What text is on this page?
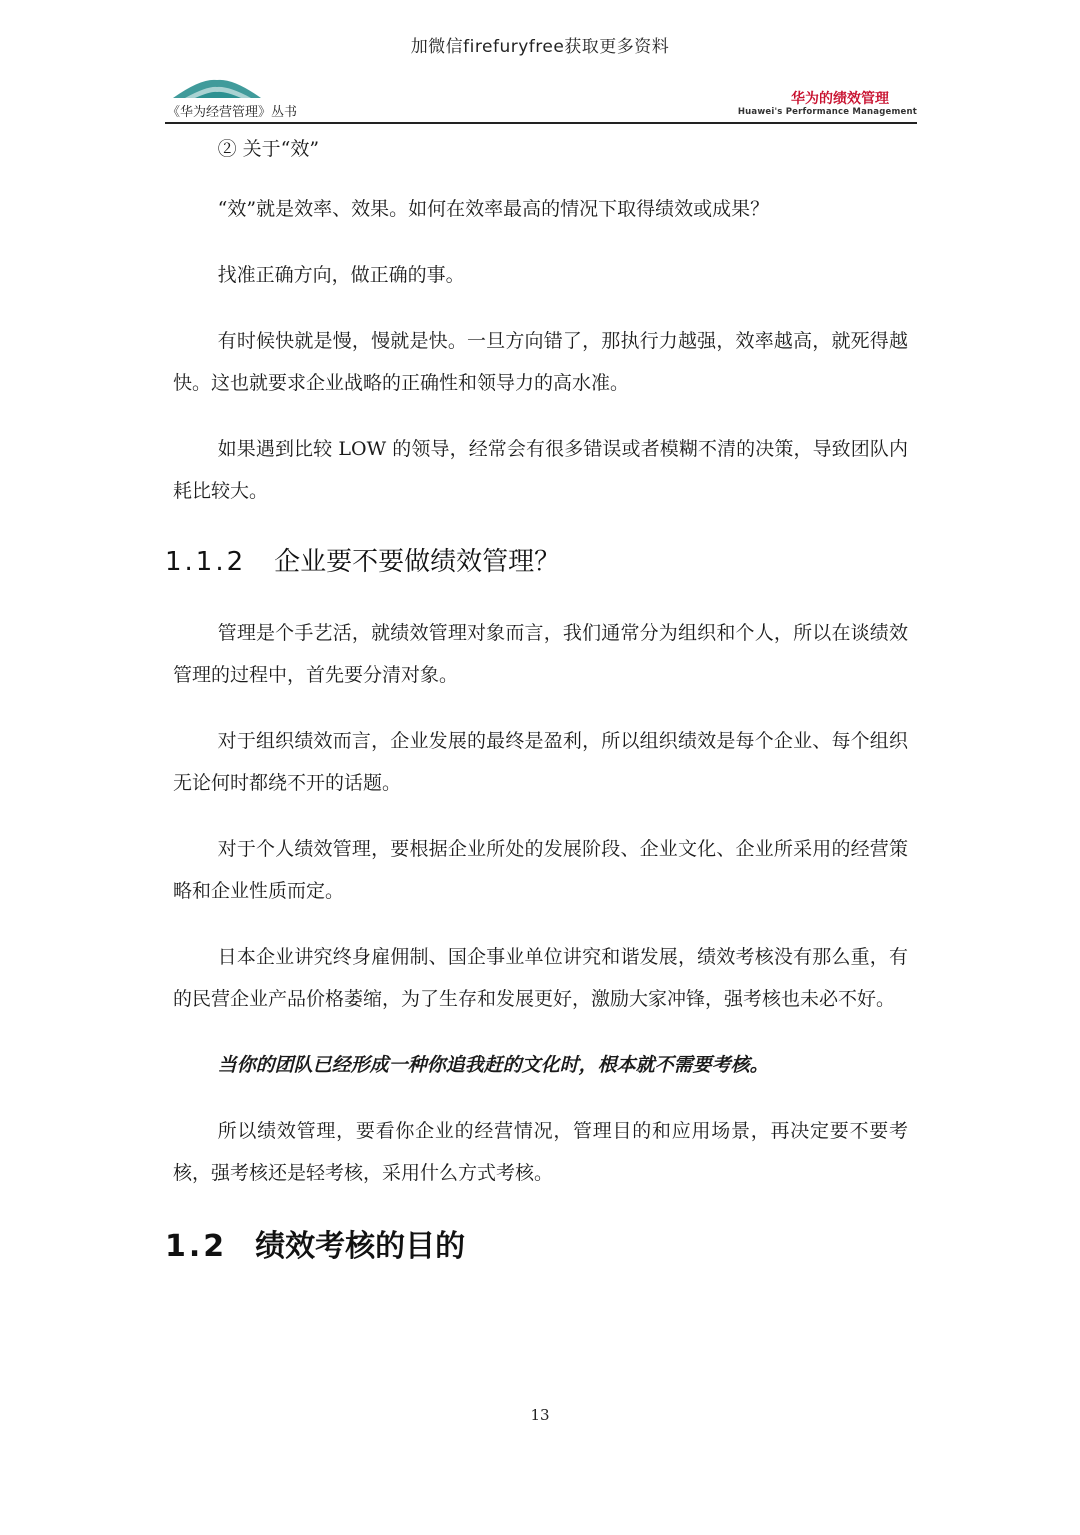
加微信firefuryfree获取更多资料
《华为经营管理》丛书
华为的绩效管理
Huawei's Performance Management

② 关于“效”

“效”就是效率、效果。如何在效率最高的情况下取得绩效或成果？

找准正确方向，做正确的事。

有时候快就是慢，慢就是快。一旦方向错了，那执行力越强，效率越高，就死得越快。这也就要求企业战略的正确性和领导力的高水准。

如果遇到比较 LOW 的领导，经常会有很多错误或者模糊不清的决策，导致团队内耗比较大。

1.1.2 企业要不要做绩效管理？

管理是个手艺活，就绩效管理对象而言，我们通常分为组织和个人，所以在谈绩效管理的过程中，首先要分清对象。

对于组织绩效而言，企业发展的最终是盈利，所以组织绩效是每个企业、每个组织无论何时都绕不开的话题。

对于个人绩效管理，要根据企业所处的发展阶段、企业文化、企业所采用的经营策略和企业性质而定。

日本企业讲究终身雇佣制、国企事业单位讲究和谐发展，绩效考核没有那么重，有的民营企业产品价格萎缩，为了生存和发展更好，激励大家冲锋，强考核也未必不好。

当你的团队已经形成一种你追我赶的文化时，根本就不需要考核。

所以绩效管理，要看你企业的经营情况，管理目的和应用场景，再决定要不要考核，强考核还是轻考核，采用什么方式考核。

1.2 绩效考核的目的
13
